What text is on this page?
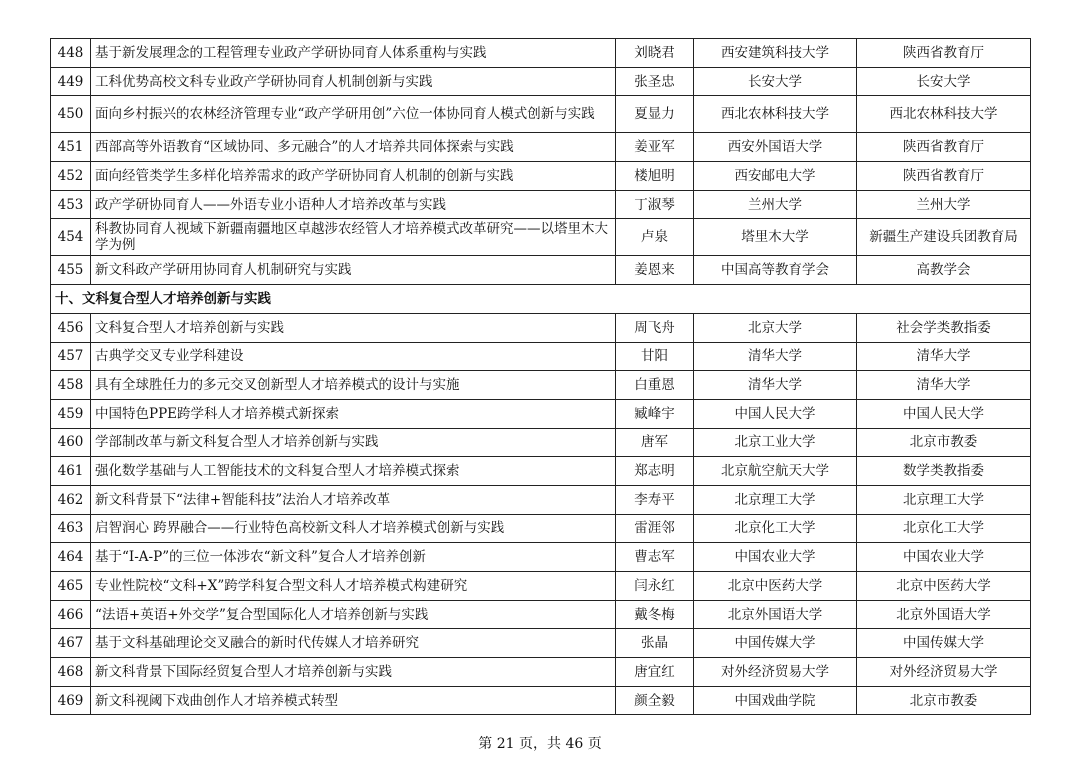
448	基于新发展理念的工程管理专业政产学研协同育人体系重构与实践	刘晓君	西安建筑科技大学	陕西省教育厅
449	工科优势高校文科专业政产学研协同育人机制创新与实践	张圣忠	长安大学	长安大学
450	面向乡村振兴的农林经济管理专业“政产学研用创”六位一体协同育人模式创新与实践	夏显力	西北农林科技大学	西北农林科技大学
451	西部高等外语教育“区域协同、多元融合”的人才培养共同体探索与实践	姜亚军	西安外国语大学	陕西省教育厅
452	面向经管类学生多样化培养需求的政产学研协同育人机制的创新与实践	楼旭明	西安邮电大学	陕西省教育厅
453	政产学研协同育人——外语专业小语种人才培养改革与实践	丁淑琴	兰州大学	兰州大学
454	科教协同育人视域下新疆南疆地区卓越涉农经管人才培养模式改革研究——以塔里木大学为例	卢泉	塔里木大学	新疆生产建设兵团教育局
455	新文科政产学研用协同育人机制研究与实践	姜恩来	中国高等教育学会	高教学会
十、文科复合型人才培养创新与实践				
456	文科复合型人才培养创新与实践	周飞舟	北京大学	社会学类教指委
457	古典学交叉专业学科建设	甘阳	清华大学	清华大学
458	具有全球胜任力的多元交叉创新型人才培养模式的设计与实施	白重恩	清华大学	清华大学
459	中国特色PPE跨学科人才培养模式新探索	臧峰宇	中国人民大学	中国人民大学
460	学部制改革与新文科复合型人才培养创新与实践	唐军	北京工业大学	北京市教委
461	强化数学基础与人工智能技术的文科复合型人才培养模式探索	郑志明	北京航空航天大学	数学类教指委
462	新文科背景下“法律+智能科技”法治人才培养改革	李寿平	北京理工大学	北京理工大学
463	启智润心 跨界融合——行业特色高校新文科人才培养模式创新与实践	雷涯邻	北京化工大学	北京化工大学
464	基于“I-A-P”的三位一体涉农“新文科”复合人才培养创新	曹志军	中国农业大学	中国农业大学
465	专业性院校“文科+X”跨学科复合型文科人才培养模式构建研究	闫永红	北京中医药大学	北京中医药大学
466	“法语+英语+外交学”复合型国际化人才培养创新与实践	戴冬梅	北京外国语大学	北京外国语大学
467	基于文科基础理论交叉融合的新时代传媒人才培养研究	张晶	中国传媒大学	中国传媒大学
468	新文科背景下国际经贸复合型人才培养创新与实践	唐宜红	对外经济贸易大学	对外经济贸易大学
469	新文科视阈下戏曲创作人才培养模式转型	颜全毅	中国戏曲学院	北京市教委
第 21 页，共 46 页
